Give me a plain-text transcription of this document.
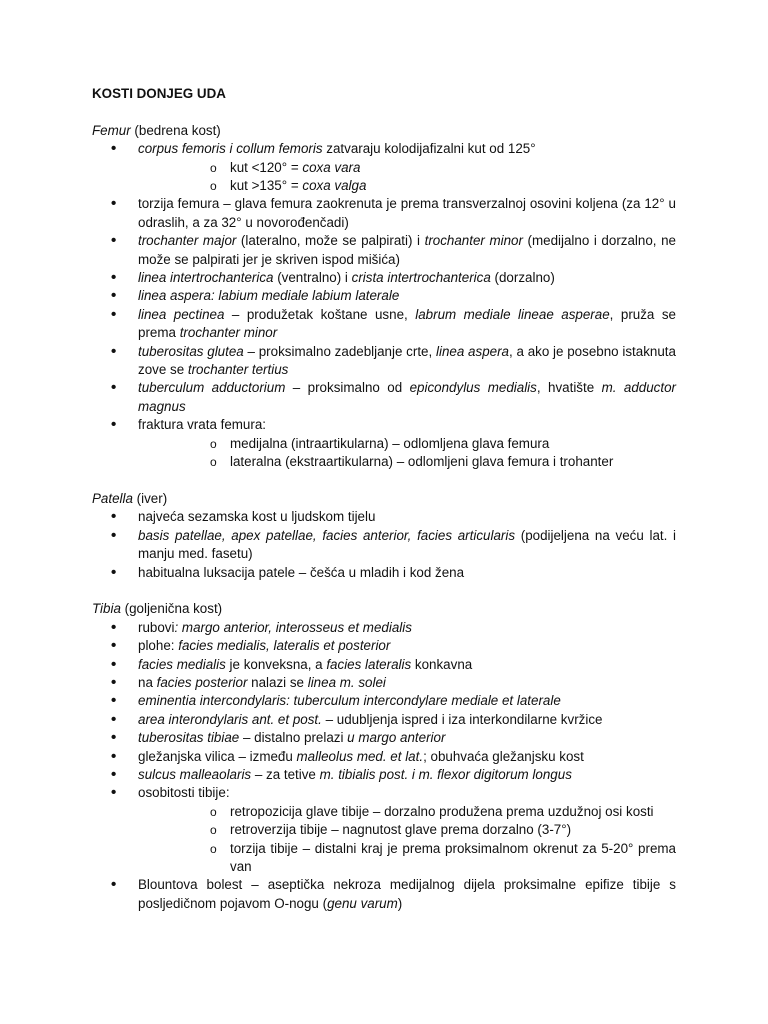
KOSTI DONJEG UDA

Femur (bedrena kost)

• corpus femoris i collum femoris zatvaraju kolodijafizalni kut od 125°
o kut <120° = coxa vara
o kut >135° = coxa valga
• torzija femura – glava femura zaokrenuta je prema transverzalnoj osovini koljena (za 12° u odraslih, a za 32° u novorođenčadi)
• trochanter major (lateralno, može se palpirati) i trochanter minor (medijalno i dorzalno, ne može se palpirati jer je skriven ispod mišića)
• linea intertrochanterica (ventralno) i crista intertrochanterica (dorzalno)
• linea aspera: labium mediale labium laterale
• linea pectinea – produžetak koštane usne, labrum mediale lineae asperae, pruža se prema trochanter minor
• tuberositas glutea – proksimalno zadebljanje crte, linea aspera, a ako je posebno istaknuta zove se trochanter tertius
• tuberculum adductorium – proksimalno od epicondylus medialis, hvatište m. adductor magnus
• fraktura vrata femura:
o medijalna (intraartikularna) – odlomljena glava femura
o lateralna (ekstraartikularna) – odlomljeni glava femura i trohanter

Patella (iver)

• najveća sezamska kost u ljudskom tijelu
• basis patellae, apex patellae, facies anterior, facies articularis (podijeljena na veću lat. i manju med. fasetu)
• habitualna luksacija patele – češća u mladih i kod žena

Tibia (goljenična kost)

• rubovi: margo anterior, interosseus et medialis
• plohe: facies medialis, lateralis et posterior
• facies medialis je konveksna, a facies lateralis konkavna
• na facies posterior nalazi se linea m. solei
• eminentia intercondylaris: tuberculum intercondylare mediale et laterale
• area interondylaris ant. et post. – udubljenja ispred i iza interkondilarne kvržice
• tuberositas tibiae – distalno prelazi u margo anterior
• gležanjska vilica – između malleolus med. et lat.; obuhvaća gležanjsku kost
• sulcus malleaolaris – za tetive m. tibialis post. i m. flexor digitorum longus
• osobitosti tibije:
o retropozicija glave tibije – dorzalno produžena prema uzdužnoj osi kosti
o retroverzija tibije – nagnutost glave prema dorzalno (3-7°)
o torzija tibije – distalni kraj je prema proksimalnom okrenut za 5-20° prema van
• Blountova bolest – aseptička nekroza medijalnog dijela proksimalne epifize tibije s posljedičnom pojavom O-nogu (genu varum)
